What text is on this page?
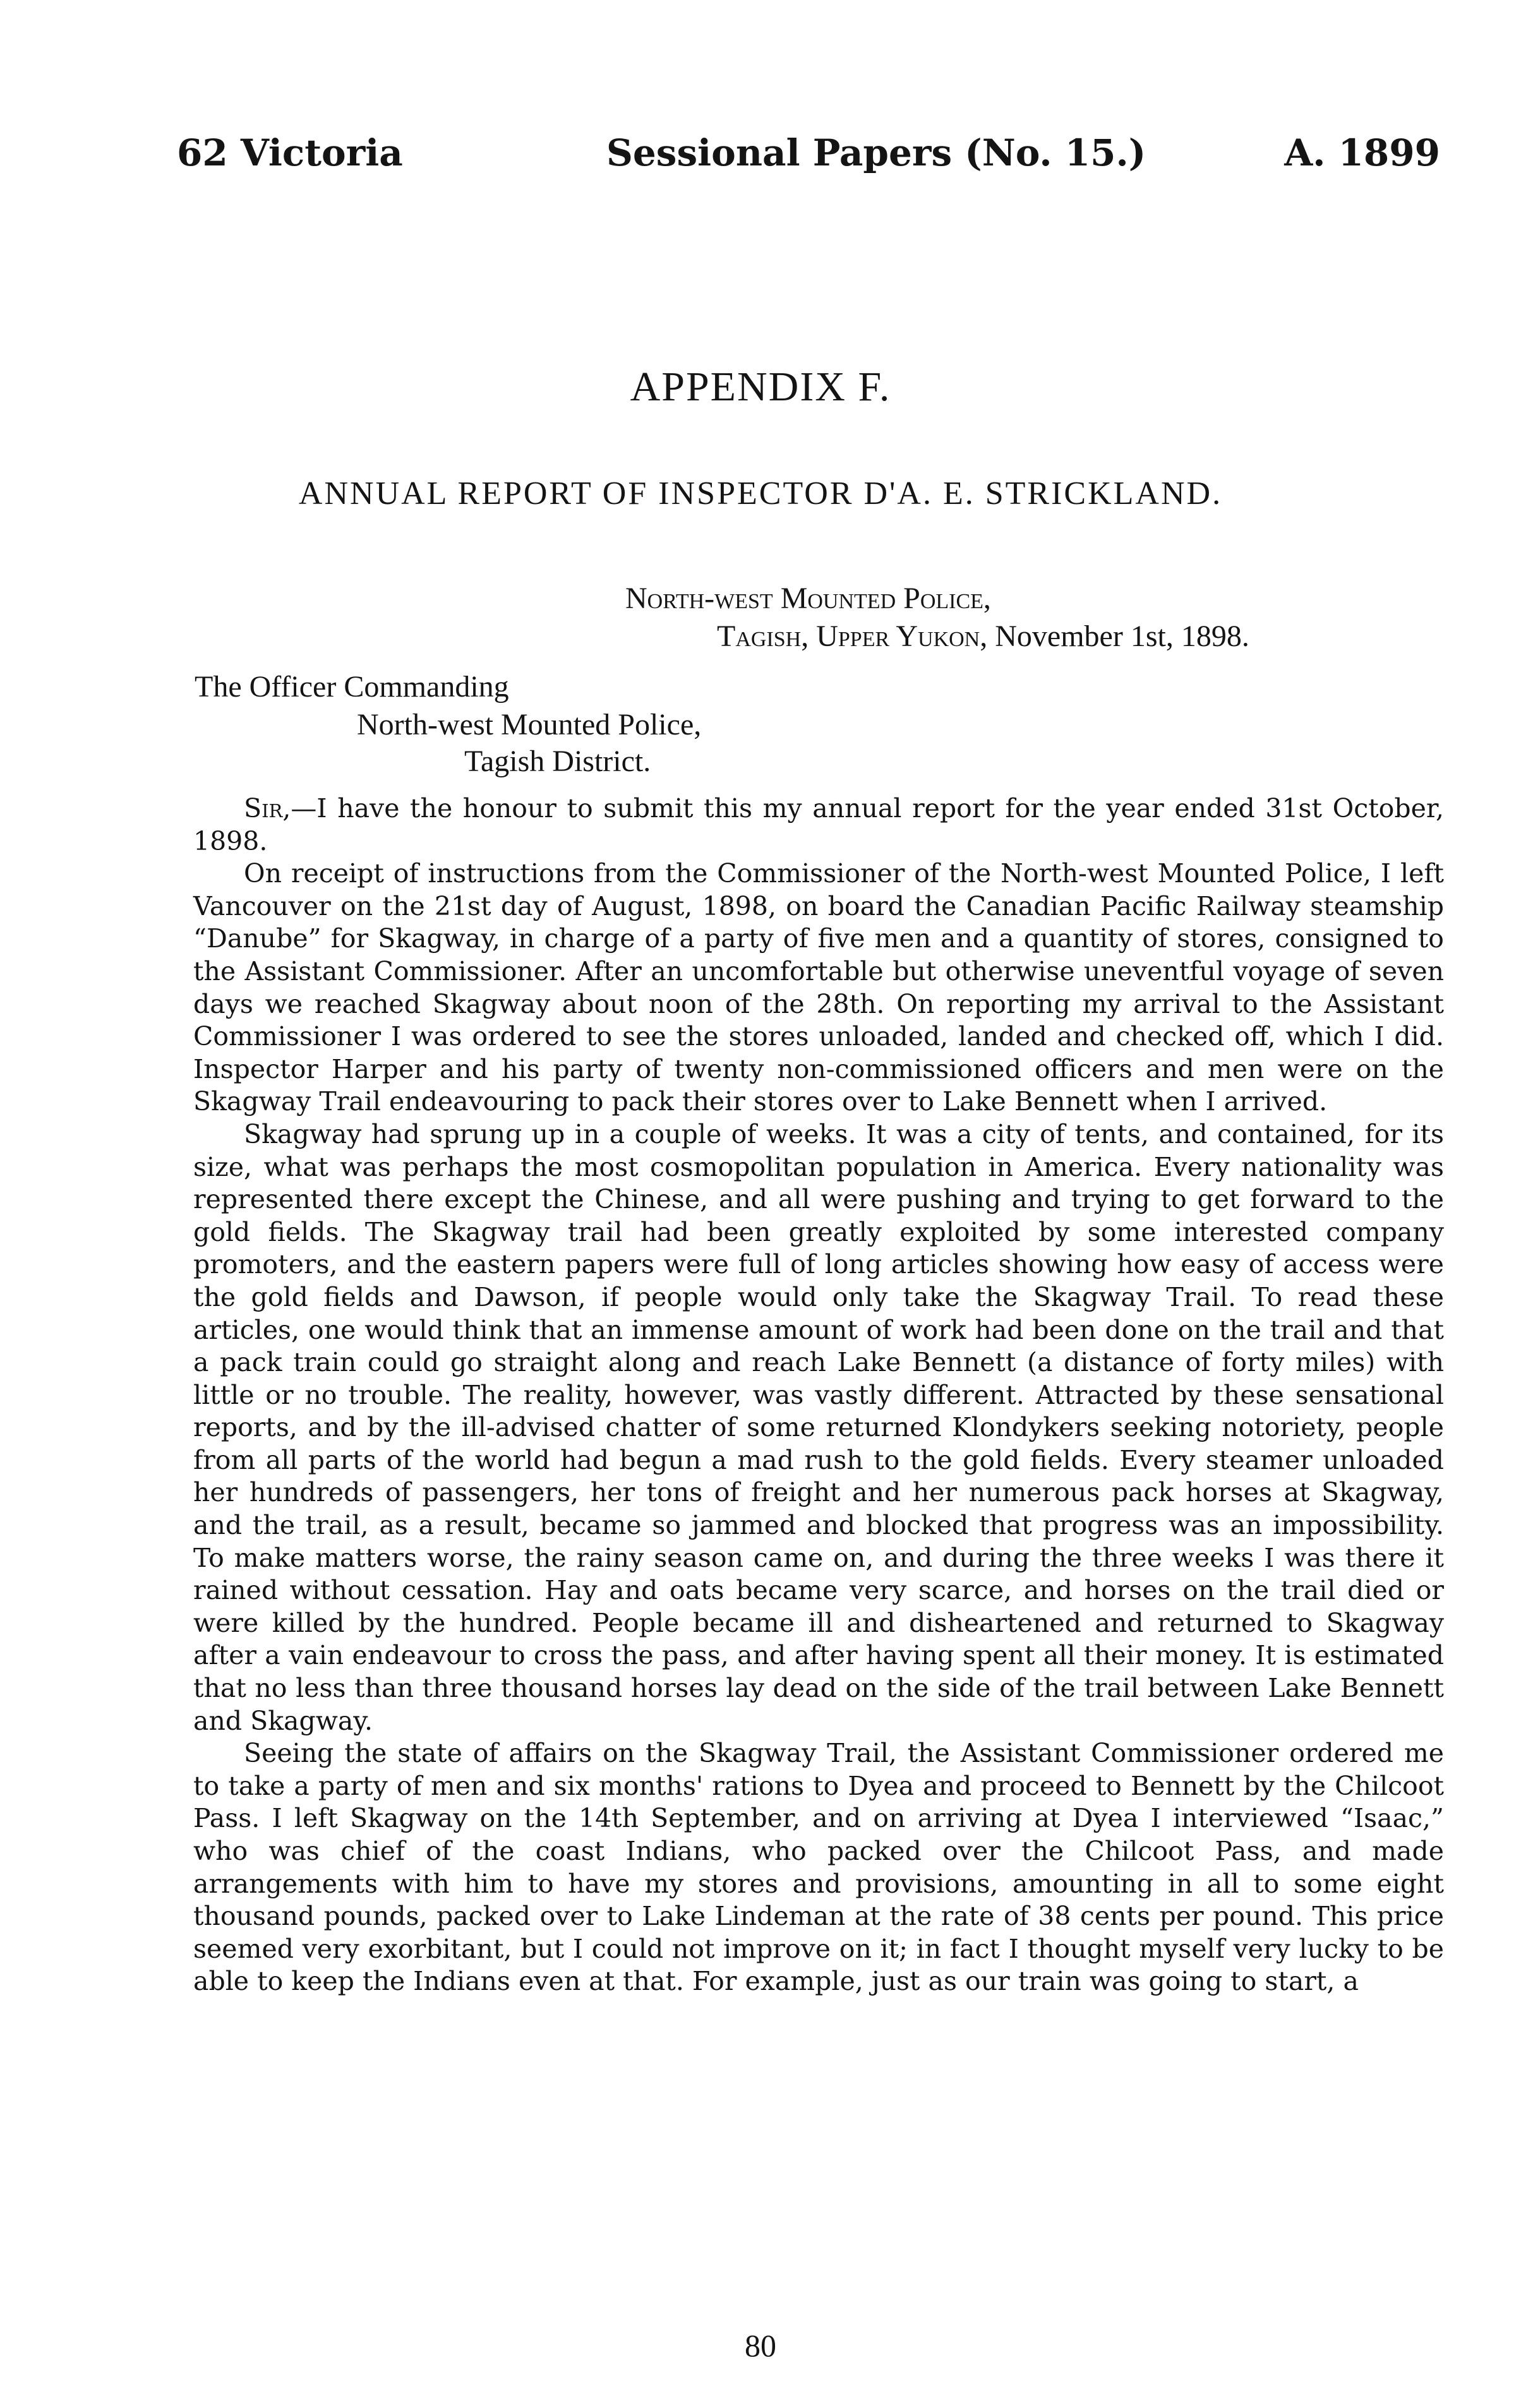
62 Victoria	Sessional Papers (No. 15.)	A. 1899
APPENDIX F.
ANNUAL REPORT OF INSPECTOR D'A. E. STRICKLAND.
North-west Mounted Police,
Tagish, Upper Yukon, November 1st, 1898.
The Officer Commanding
North-west Mounted Police,
Tagish District.

Sir,—I have the honour to submit this my annual report for the year ended 31st October, 1898.

On receipt of instructions from the Commissioner of the North-west Mounted Police, I left Vancouver on the 21st day of August, 1898, on board the Canadian Pacific Railway steamship “Danube” for Skagway, in charge of a party of five men and a quantity of stores, consigned to the Assistant Commissioner. After an uncomfortable but otherwise uneventful voyage of seven days we reached Skagway about noon of the 28th. On reporting my arrival to the Assistant Commissioner I was ordered to see the stores unloaded, landed and checked off, which I did. Inspector Harper and his party of twenty non-commissioned officers and men were on the Skagway Trail endeavouring to pack their stores over to Lake Bennett when I arrived.

Skagway had sprung up in a couple of weeks. It was a city of tents, and contained, for its size, what was perhaps the most cosmopolitan population in America. Every nationality was represented there except the Chinese, and all were pushing and trying to get forward to the gold fields. The Skagway trail had been greatly exploited by some interested company promoters, and the eastern papers were full of long articles showing how easy of access were the gold fields and Dawson, if people would only take the Skagway Trail. To read these articles, one would think that an immense amount of work had been done on the trail and that a pack train could go straight along and reach Lake Bennett (a distance of forty miles) with little or no trouble. The reality, however, was vastly different. Attracted by these sensational reports, and by the ill-advised chatter of some returned Klondykers seeking notoriety, people from all parts of the world had begun a mad rush to the gold fields. Every steamer unloaded her hundreds of passengers, her tons of freight and her numerous pack horses at Skagway, and the trail, as a result, became so jammed and blocked that progress was an impossibility. To make matters worse, the rainy season came on, and during the three weeks I was there it rained without cessation. Hay and oats became very scarce, and horses on the trail died or were killed by the hundred. People became ill and disheartened and returned to Skagway after a vain endeavour to cross the pass, and after having spent all their money. It is estimated that no less than three thousand horses lay dead on the side of the trail between Lake Bennett and Skagway.

Seeing the state of affairs on the Skagway Trail, the Assistant Commissioner ordered me to take a party of men and six months' rations to Dyea and proceed to Bennett by the Chilcoot Pass. I left Skagway on the 14th September, and on arriving at Dyea I interviewed “Isaac,” who was chief of the coast Indians, who packed over the Chilcoot Pass, and made arrangements with him to have my stores and provisions, amounting in all to some eight thousand pounds, packed over to Lake Lindeman at the rate of 38 cents per pound. This price seemed very exorbitant, but I could not improve on it; in fact I thought myself very lucky to be able to keep the Indians even at that. For example, just as our train was going to start, a

80
